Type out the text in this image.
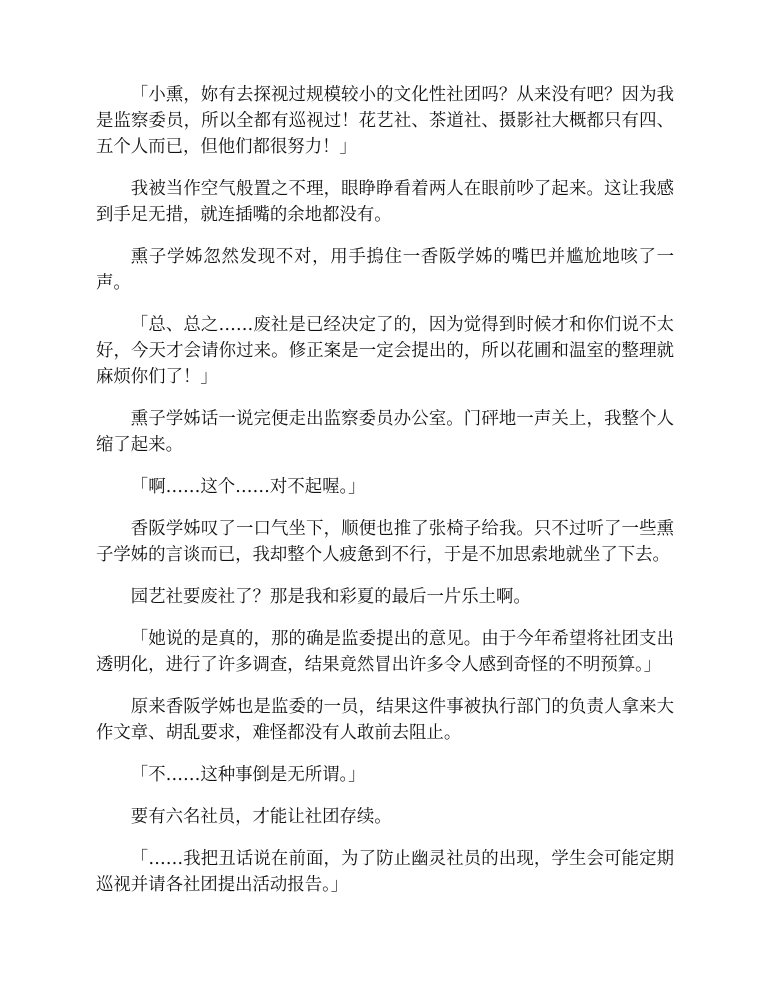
「小熏，妳有去探视过规模较小的文化性社团吗？从来没有吧？因为我是监察委员，所以全都有巡视过！花艺社、茶道社、摄影社大概都只有四、五个人而已，但他们都很努力！」

我被当作空气般置之不理，眼睁睁看着两人在眼前吵了起来。这让我感到手足无措，就连插嘴的余地都没有。

熏子学姊忽然发现不对，用手摀住一香阪学姊的嘴巴并尴尬地咳了一声。

「总、总之……废社是已经决定了的，因为觉得到时候才和你们说不太好，今天才会请你过来。修正案是一定会提出的，所以花圃和温室的整理就麻烦你们了！」

熏子学姊话一说完便走出监察委员办公室。门砰地一声关上，我整个人缩了起来。

「啊……这个……对不起喔。」

香阪学姊叹了一口气坐下，顺便也推了张椅子给我。只不过听了一些熏子学姊的言谈而已，我却整个人疲惫到不行，于是不加思索地就坐了下去。

园艺社要废社了？那是我和彩夏的最后一片乐土啊。

「她说的是真的，那的确是监委提出的意见。由于今年希望将社团支出透明化，进行了许多调查，结果竟然冒出许多令人感到奇怪的不明预算。」

原来香阪学姊也是监委的一员，结果这件事被执行部门的负责人拿来大作文章、胡乱要求，难怪都没有人敢前去阻止。

「不……这种事倒是无所谓。」

要有六名社员，才能让社团存续。

「……我把丑话说在前面，为了防止幽灵社员的出现，学生会可能定期巡视并请各社团提出活动报告。」
